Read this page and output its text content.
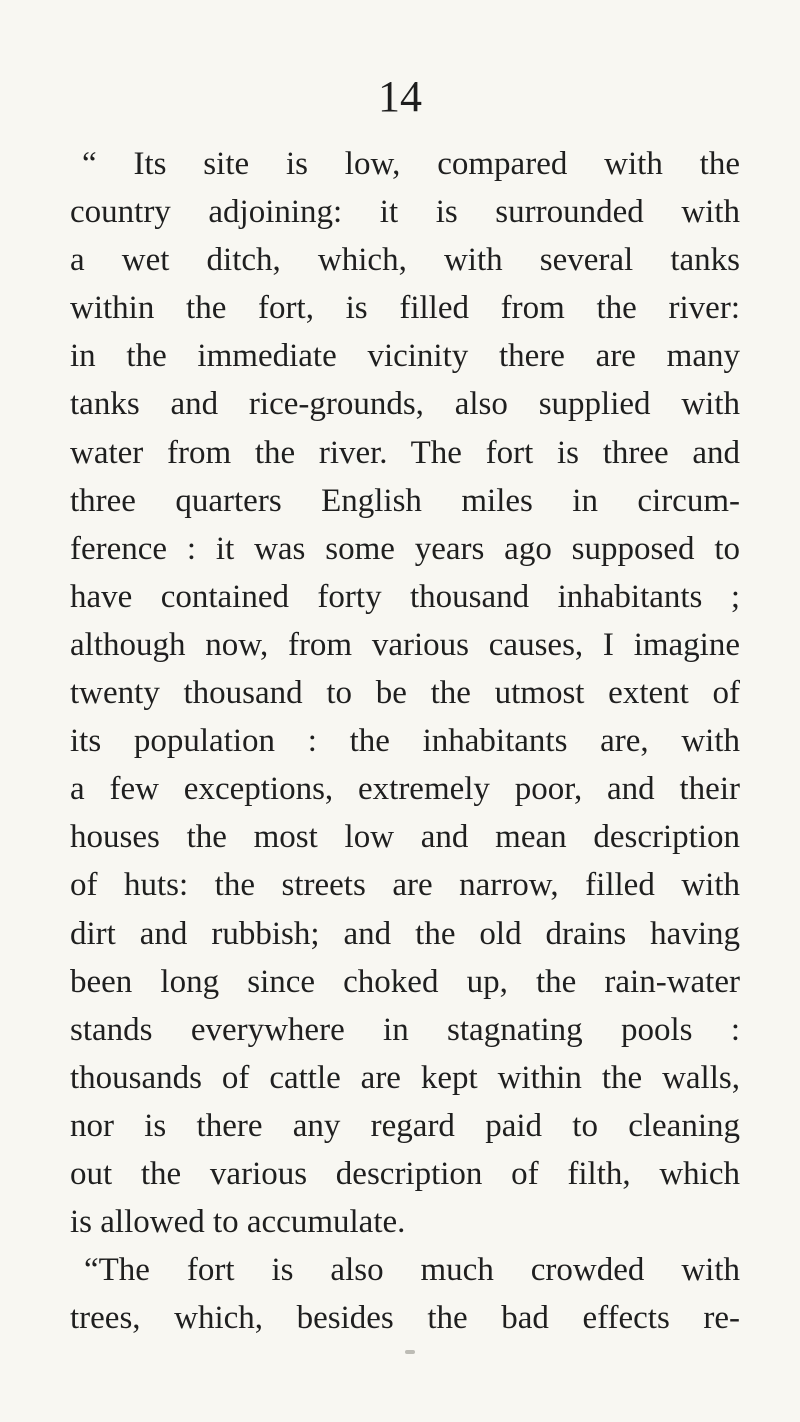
14
“ Its site is low, compared with the
country adjoining: it is surrounded with
a wet ditch, which, with several tanks
within the fort, is filled from the river:
in the immediate vicinity there are many
tanks and rice-grounds, also supplied with
water from the river. The fort is three and
three quarters English miles in circum-
ference : it was some years ago supposed to
have contained forty thousand inhabitants ;
although now, from various causes, I imagine
twenty thousand to be the utmost extent of
its population : the inhabitants are, with
a few exceptions, extremely poor, and their
houses the most low and mean description
of huts: the streets are narrow, filled with
dirt and rubbish; and the old drains having
been long since choked up, the rain-water
stands everywhere in stagnating pools :
thousands of cattle are kept within the walls,
nor is there any regard paid to cleaning
out the various description of filth, which
is allowed to accumulate.
“The fort is also much crowded with
trees, which, besides the bad effects re-
